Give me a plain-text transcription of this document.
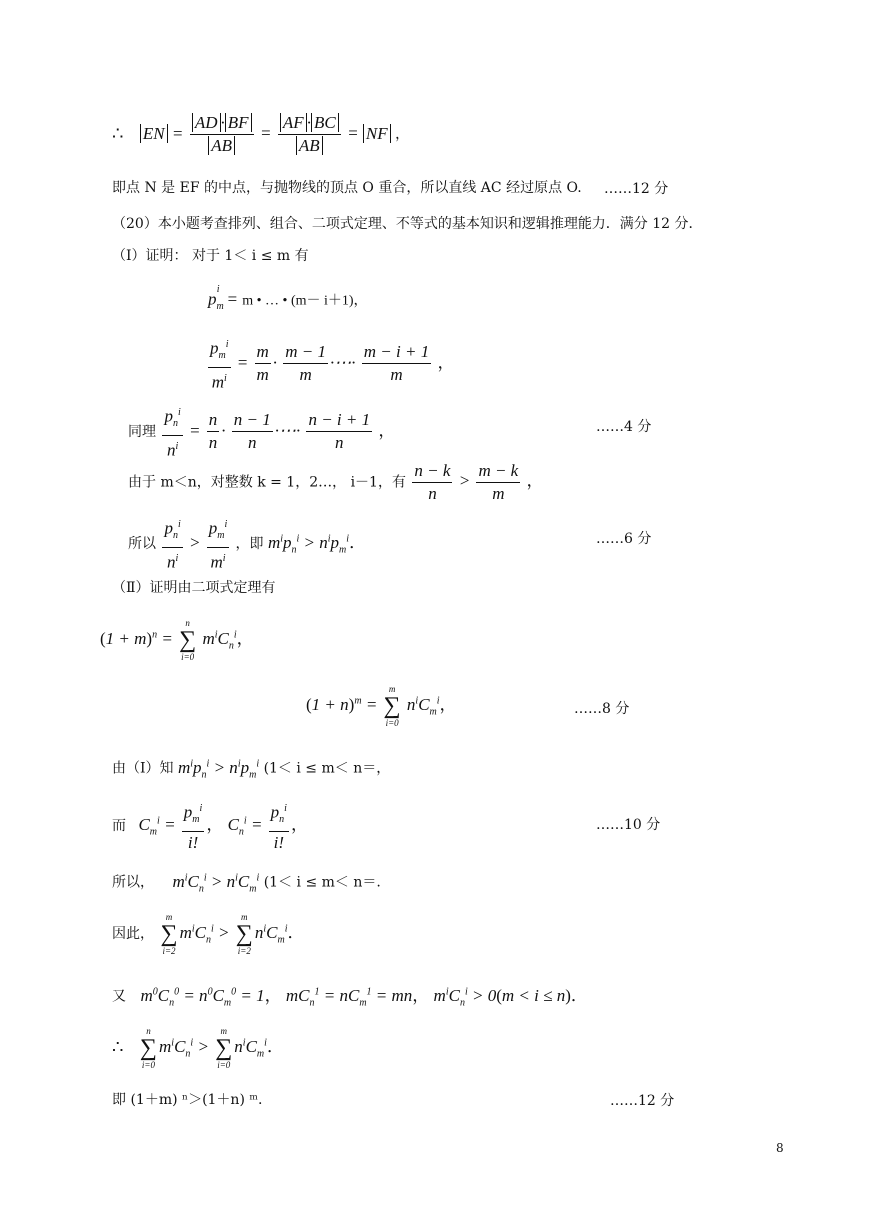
∴ EN = $\frac{AD \cdot BF}{AB} = \frac{AF \cdot BC}{AB}$ = NF ，
即点 N 是 EF 的中点，与抛物线的顶点 O 重合，所以直线 AC 经过原点 O. ……12 分
（20）本小题考查排列、组合、二项式定理、不等式的基本知识和逻辑推理能力．满分 12 分．
（Ⅰ）证明： 对于 1＜ i ≤ m 有
$p_m^i= m$ • … • (m－ i＋1)，
$\frac{p_m^i}{m^i} = \frac{m}{m} \cdot \frac{m - 1}{m}$ ·⋯· $\frac{m - i + 1}{m}$ ，
同理 $\frac{p_n^i}{n^i} = \frac{n}{n} \cdot \frac{n - 1}{n}$ ·⋯· $\frac{n - i + 1}{n}$ ，	……4 分
由于 m＜n，对整数 k = 1，2…， i－1，有 $\frac{n - k}{n} > \frac{m - k}{m}$ ，
所以 $\frac{p_n^i}{n^i} > \frac{p_m^i}{m^i}$ ，即 $m^ip_n^i > n^ip_m^i$．	……6 分
（Ⅱ）证明由二项式定理有
$(1 + m)^n$ =
n
∑
i=0
$m^iC_n^i$，
$(1 + n)^m$ =
m
∑
i=0
$n^iC_m^i$，	……8 分
由（Ⅰ）知 $m^ip_n^i > n^ip_m^i$ (1＜ i ≤ m＜ n＝，
而 $C_m^i = \frac{p_m^i}{i!}$ ， $C_n^i = \frac{p_n^i}{i!}$ ，	……10 分
所以， $m^iC_n^i > n^iC_m^i$ (1＜ i ≤ m＜ n＝.
因此，
m
∑
i=2
$m^iC_n^i$ >
m
∑
i=2
$n^iC_m^i$．
又 $m^0C_n^0 = n^0C_m^0 = 1$， $mC_n^1 = nC_m^1$ = mn， $m^iC_n^i > 0(m < i \le n)$．
∴
n
∑
i=0
$m^iC_n^i$ >
m
∑
i=0
$n^iC_m^i$．
即 (1＋m) ⁿ＞(1＋n) ᵐ.	……12 分
8
